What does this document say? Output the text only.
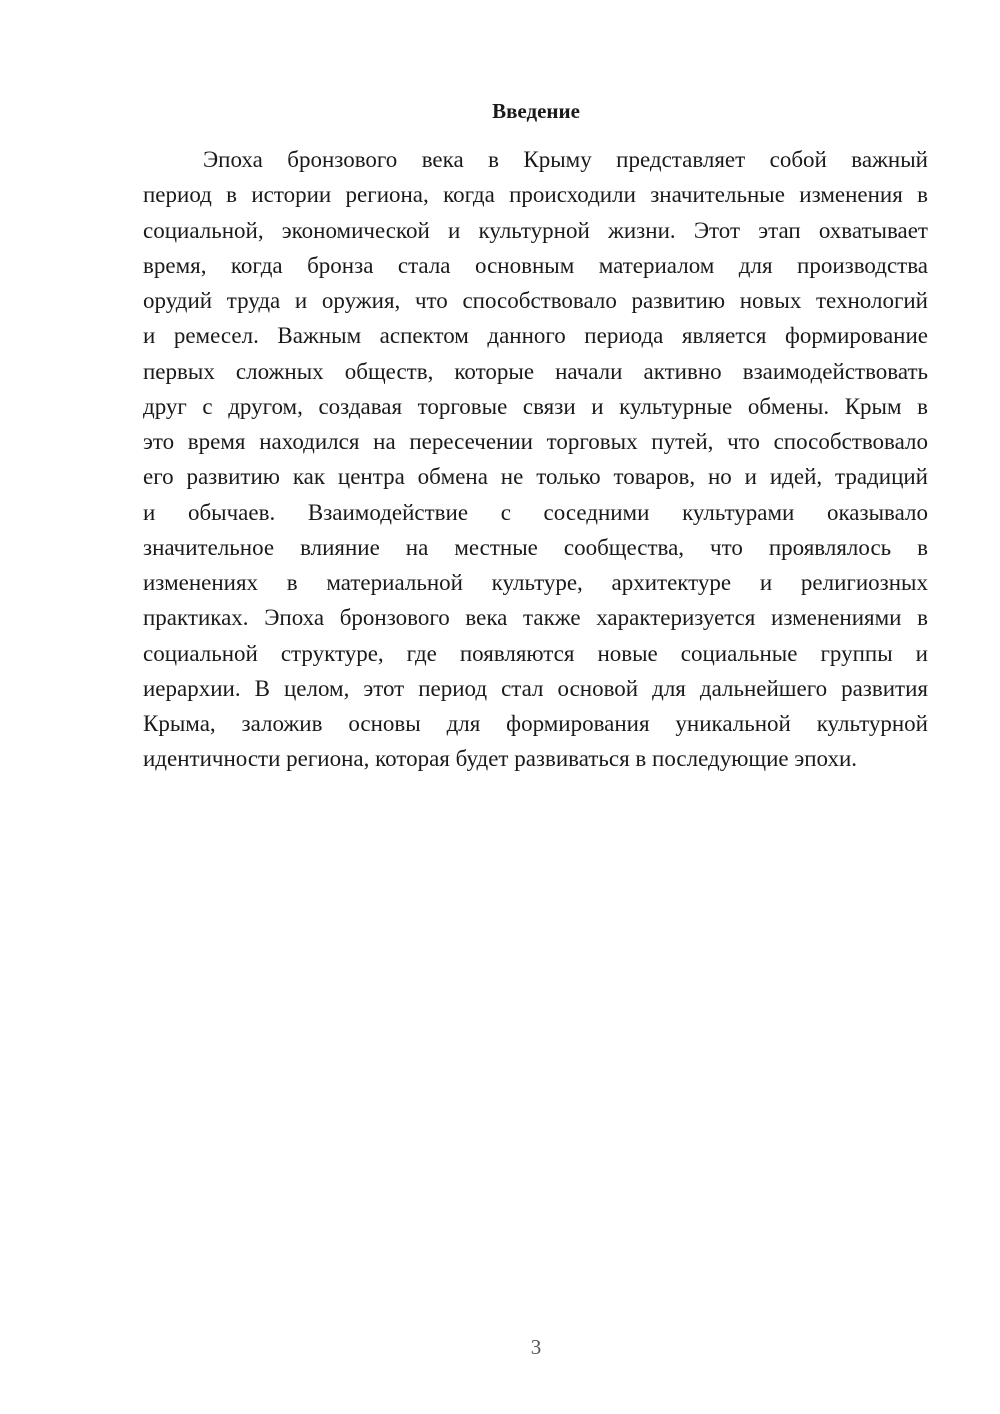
Введение
Эпоха бронзового века в Крыму представляет собой важный
период в истории региона, когда происходили значительные изменения в
социальной, экономической и культурной жизни. Этот этап охватывает
время, когда бронза стала основным материалом для производства
орудий труда и оружия, что способствовало развитию новых технологий
и ремесел. Важным аспектом данного периода является формирование
первых сложных обществ, которые начали активно взаимодействовать
друг с другом, создавая торговые связи и культурные обмены. Крым в
это время находился на пересечении торговых путей, что способствовало
его развитию как центра обмена не только товаров, но и идей, традиций
и обычаев. Взаимодействие с соседними культурами оказывало
значительное влияние на местные сообщества, что проявлялось в
изменениях в материальной культуре, архитектуре и религиозных
практиках. Эпоха бронзового века также характеризуется изменениями в
социальной структуре, где появляются новые социальные группы и
иерархии. В целом, этот период стал основой для дальнейшего развития
Крыма, заложив основы для формирования уникальной культурной
идентичности региона, которая будет развиваться в последующие эпохи.
3
